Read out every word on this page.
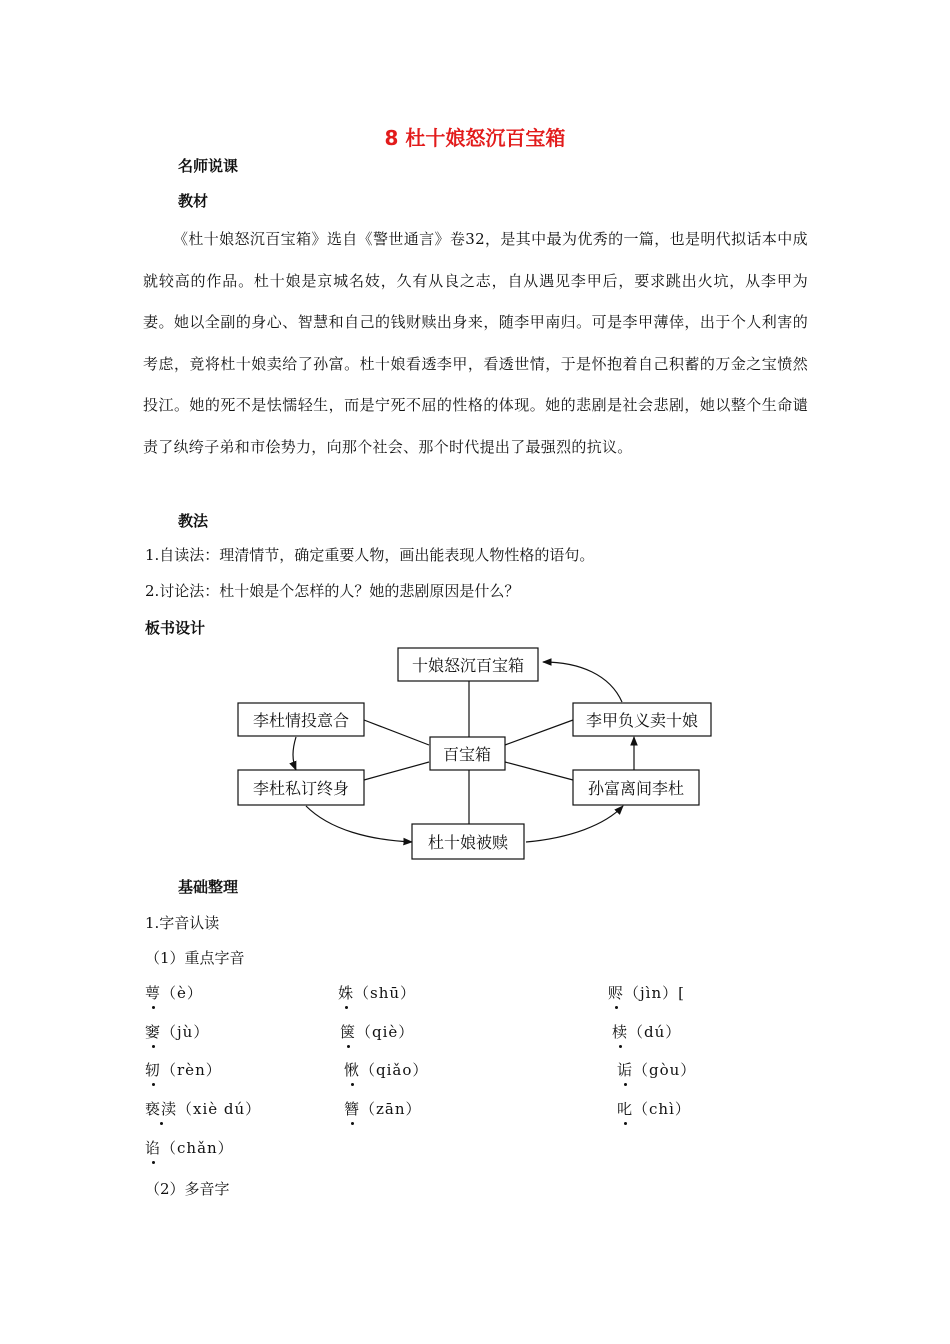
8 杜十娘怒沉百宝箱
名师说课
教材
《杜十娘怒沉百宝箱》选自《警世通言》卷32，是其中最为优秀的一篇，也是明代拟话本中成就较高的作品。杜十娘是京城名妓，久有从良之志，自从遇见李甲后，要求跳出火坑，从李甲为妻。她以全副的身心、智慧和自己的钱财赎出身来，随李甲南归。可是李甲薄倖，出于个人利害的考虑，竟将杜十娘卖给了孙富。杜十娘看透李甲，看透世情，于是怀抱着自己积蓄的万金之宝愤然投江。她的死不是怯懦轻生，而是宁死不屈的性格的体现。她的悲剧是社会悲剧，她以整个生命谴责了纨绔子弟和市侩势力，向那个社会、那个时代提出了最强烈的抗议。
教法
1.自读法：理清情节，确定重要人物，画出能表现人物性格的语句。
2.讨论法：杜十娘是个怎样的人？她的悲剧原因是什么？
板书设计
十娘怒沉百宝箱
李杜情投意合
百宝箱
李甲负义卖十娘
李杜私订终身	孙富离间李杜
杜十娘被赎
基础整理
1.字音认读
（1）重点字音
萼（è）	姝（shū）	赆（jìn）[
窭（jù）	箧（qiè）	椟（dú）
轫（rèn）	愀（qiǎo）	诟（gòu）
亵渎（xiè dú）	簪（zān）	叱（chì）
谄（chǎn）
（2）多音字
